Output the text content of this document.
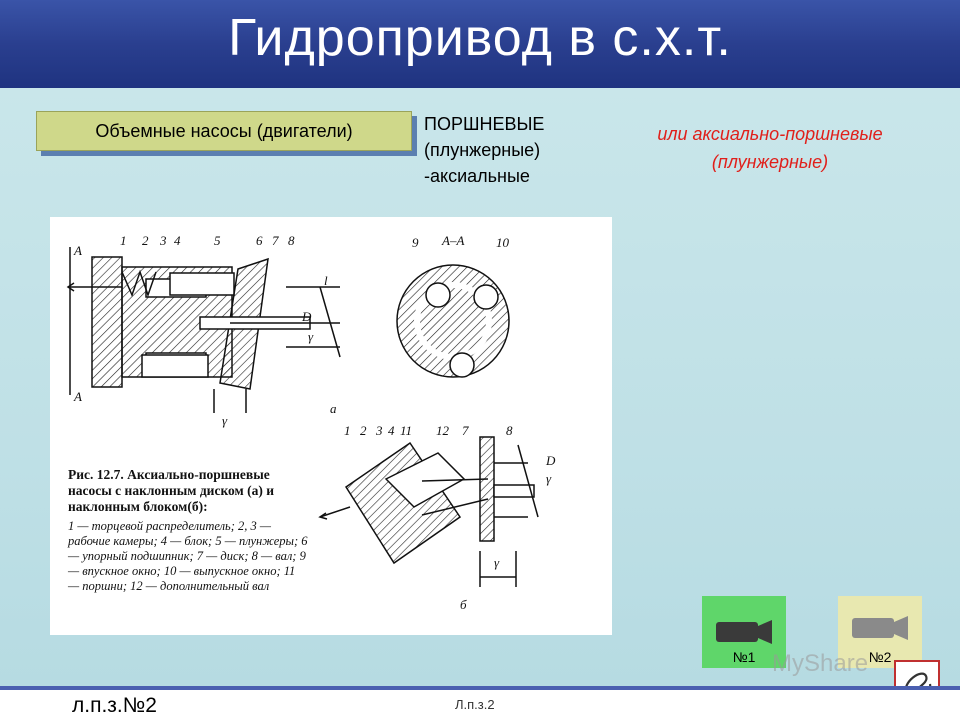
Гидропривод в с.х.т.
Объемные насосы (двигатели)	ПОРШНЕВЫЕ
(плунжерные)
-аксиальные
или аксиально-поршневые
(плунжерные)
A
A
1 2 3 4	5	6 7 8
l
D
γ
γ
а
A–A
9	10
1 2 3 4 11 12 7	8
D
γ
γ
б
Рис. 12.7. Аксиально-поршневые насосы с наклонным диском (а) и наклонным блоком(б):
1 — торцевой распределитель; 2, 3 — рабочие камеры; 4 — блок; 5 — плунжеры; 6 — упорный подшипник; 7 — диск; 8 — вал; 9 — впускное окно; 10 — выпускное окно; 11 — поршни; 12 — дополнительный вал
№1	№2
MyShare
л.п.з.№2	Л.п.з.2
